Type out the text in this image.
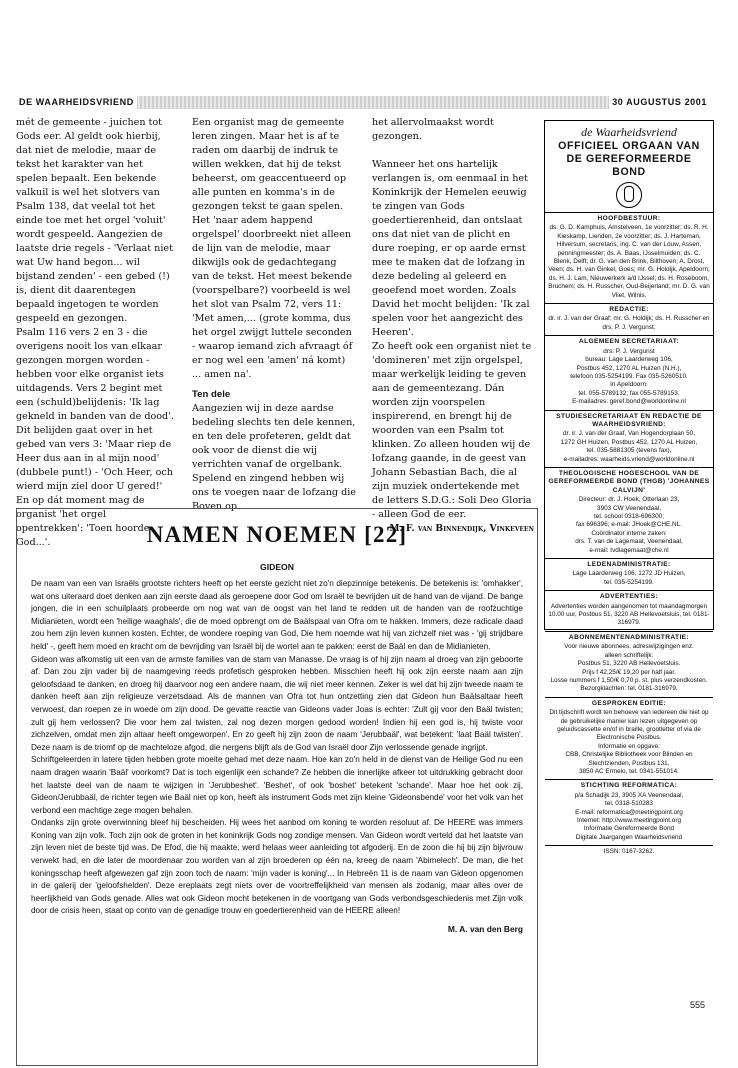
DE WAARHEIDSVRIEND	30 AUGUSTUS 2001

mét de gemeente - juichen tot Gods eer. Al geldt ook hierbij, dat niet de melodie, maar de tekst het karakter van het spelen bepaalt. Een bekende valkuil is wel het slotvers van Psalm 138, dat veelal tot het einde toe met het orgel 'voluit' wordt gespeeld. Aangezien de laatste drie regels - 'Verlaat niet wat Uw hand begon... wil bijstand zenden' - een gebed (!) is, dient dit daarentegen bepaald ingetogen te worden gespeeld en gezongen.

Psalm 116 vers 2 en 3 - die overigens nooit los van elkaar gezongen morgen worden - hebben voor elke organist iets uitdagends. Vers 2 begint met een (schuld)belijdenis: 'Ik lag gekneld in banden van de dood'. Dit belijden gaat over in het gebed van vers 3: 'Maar riep de Heer dus aan in al mijn nood' (dubbele punt!) - 'Och Heer, och wierd mijn ziel door U gered!'

En op dát moment mag de organist 'het orgel opentrekken': 'Toen hoorde God...'.

Een organist mag de gemeente leren zingen. Maar het is af te raden om daarbij de indruk te willen wekken, dat hij de tekst beheerst, om geaccentueerd op alle punten en komma's in de gezongen tekst te gaan spelen. Het 'naar adem happend orgelspel' doorbreekt niet alleen de lijn van de melodie, maar dikwijls ook de gedachtegang van de tekst. Het meest bekende (voorspelbare?) voorbeeld is wel het slot van Psalm 72, vers 11: 'Met amen,... (grote komma, dus het orgel zwijgt luttele seconden - waarop iemand zich afvraagt óf er nog wel een 'amen' ná komt) ... amen na'.

Ten dele

Aangezien wij in deze aardse bedeling slechts ten dele kennen, en ten dele profeteren, geldt dat ook voor de dienst die wij verrichten vanaf de orgelbank.

Spelend en zingend hebben wij ons te voegen naar de lofzang die Boven op

het allervolmaakst wordt gezongen.

Wanneer het ons hartelijk verlangen is, om eenmaal in het Koninkrijk der Hemelen eeuwig te zingen van Gods goedertierenheid, dan ontslaat ons dat niet van de plicht en dure roeping, er op aarde ernst mee te maken dat de lofzang in deze bedeling al geleerd en geoefend moet worden. Zoals David het mocht belijden: 'Ik zal spelen voor het aangezicht des Heeren'.

Zo heeft ook een organist niet te 'domineren' met zijn orgelspel, maar werkelijk leiding te geven aan de gemeentezang. Dán worden zijn voorspelen inspirerend, en brengt hij de woorden van een Psalm tot klinken. Zo alleen houden wij de lofzang gaande, in de geest van Johann Sebastian Bach, die al zijn muziek ondertekende met de letters S.D.G.: Soli Deo Gloria - alleen God de eer.

M. F. van Binnendijk, Vinkeveen

de Waarheidsvriend
OFFICIEEL ORGAAN VAN DE GEREFORMEERDE BOND
HOOFDBESTUUR:
ds. G. D. Kamphuis, Amstelveen, 1e voorzitter; ds. R. H. Kieskamp, Lienden, 2e voorzitter; ds. J. Harteman, Hilversum, secretaris; ing. C. van der Louw, Assen, penningmeester; ds. A. Baas, IJsselmuiden; ds. C. Blenk, Delft; dr. G. van den Brink, Bilthoven; A. Drost, Veen; ds. H. van Ginkel, Goes; mr. G. Holdijk, Apeldoorn; ds. H. J. Lam, Nieuwerkerk a/d IJssel; ds. H. Roseboom, Bruchem; ds. H. Russcher, Oud-Beijerland; mr. D. G. van Vliet, Wilnis.
REDACTIE:
dr. ir. J. van der Graaf; mr. G. Holdijk; ds. H. Russcher en drs. P. J. Vergunst.
ALGEMEEN SECRETARIAAT:
drs. P. J. Vergunst
bureau: Lage Laarderweg 106,
Postbus 452, 1270 AL Huizen (N.H.),
telefoon 035-5254199. Fax 035-5260510.
In Apeldoorn:
tel. 055-5789132; fax 055-5789153.
E-mailadres: geref.bond@worldonline.nl
STUDIESECRETARIAAT EN REDACTIE DE WAARHEIDSVRIEND:
dr. ir. J. van der Graaf, Van Hogendorplaan 50,
1272 GH Huizen, Postbus 452, 1270 AL Huizen,
tel. 035-5881305 (tevens fax),
e-mailadres: waarheids.vriend@worldonline.nl
THEOLOGISCHE HOGESCHOOL VAN DE GEREFORMEERDE BOND (THGB) 'JOHANNES CALVIJN'
Directeur: dr. J. Hoek, Otterlaan 23,
3903 CW Veenendaal,
tel. school 0318-696300;
fax 696396; e-mail: JHoek@CHE.NL.
Coördinator interne zaken:
drs. T. van de Lagemaat, Veenendaal,
e-mail: tvdlagemaat@che.nl
LEDENADMINISTRATIE:
Lage Laarderweg 106, 1272 JD Huizen,
tel. 035-5254199.
ADVERTENTIES:
Advertenties worden aangenomen tot maandagmorgen 10.00 uur, Postbus 51, 3220 AB Hellevoetsluis, tel. 0181-316979.
ABONNEMENTENADMINISTRATIE:
Voor nieuwe abonnees, adreswijzigingen enz.
alleen schriftelijk:
Postbus 51, 3220 AB Hellevoetsluis.
Prijs f 42,25/€ 19,20 per half jaar.
Losse nummers f 1,50/€ 0,70 p. st. plus verzendkosten. Bezorgklachten: tel. 0181-316979.
GESPROKEN EDITIE:
Dit tijdschrift wordt ten behoeve van iedereen die niet op de gebruikelijke manier kan lezen uitgegeven op geluidscassette en/of in braille, grootletter of via de Electronische Postbus.
Informatie en opgave:
CBB, Christelijke Bibliotheek voor Blinden en Slechtzienden, Postbus 131,
3850 AC Ermelo, tel. 0341-551014.
STICHTING REFORMATICA:
p/a Schadijk 23, 3905 XA Veenendaal,
tel. 0318-510283
E-mail: reformatica@meetingpoint.org
Internet: http://www.meetingpoint.org
Informatie Gereformeerde Bond
Digitale Jaargangen Waarheidsvriend
ISSN: 0167-3262.
NAMEN NOEMEN [22]
GIDEON

De naam van een van Israëls grootste richters heeft op het eerste gezicht niet zo'n diepzinnige betekenis. De betekenis is: 'omhakker', wat ons uiteraard doet denken aan zijn eerste daad als geroepene door God om Israël te bevrijden uit de hand van de vijand. De bange jongen, die in een schuilplaats probeerde om nog wat van de oogst van het land te redden uit de handen van de roofzuchtige Midianieten, wordt een 'heilige waaghals', die de moed opbrengt om de Baälspaal van Ofra om te hakken. Immers, deze radicale daad zou hem zijn leven kunnen kosten. Echter, de wondere roeping van God, Die hem noemde wat hij van zichzelf niet was - 'gij strijdbare held' -, geeft hem moed en kracht om de bevrijding van Israël bij de wortel aan te pakken: eerst de Baäl en dan de Midianieten.

Gideon was afkomstig uit een van de armste families van de stam van Manasse. De vraag is of hij zijn naam al droeg van zijn geboorte af. Dan zou zijn vader bij de naamgeving reeds profetisch gesproken hebben. Misschien heeft hij ook zijn eerste naam aan zijn geloofsdaad te danken, en droeg hij daarvoor nog een andere naam, die wij niet meer kennen. Zeker is wel dat hij zijn tweede naam te danken heeft aan zijn religieuze verzetsdaad. Als de mannen van Ofra tot hun ontzetting zien dat Gideon hun Baälsaltaar heeft verwoest, dan roepen ze in woede om zijn dood. De gevatte reactie van Gideons vader Joas is echter: 'Zult gij voor den Baäl twisten; zult gij hem verlossen? Die voor hem zal twisten, zal nog dezen morgen gedood worden! Indien hij een god is, hij twiste voor zichzelven, omdat men zijn altaar heeft omgeworpen'. En zo geeft hij zijn zoon de naam 'Jerubbaäl', wat betekent: 'laat Baäl twisten'. Deze naam is de triomf op de machteloze afgod, die nergens blijft als de God van Israël door Zijn verlossende genade ingrijpt.

Schriftgeleerden in latere tijden hebben grote moeite gehad met deze naam. Hoe kan zo'n held in de dienst van de Heilige God nu een naam dragen waarin 'Baäl' voorkomt? Dat is toch eigenlijk een schande? Ze hebben die innerlijke afkeer tot uitdrukking gebracht door het laatste deel van de naam te wijzigen in 'Jerubbeshet'. 'Beshet', of ook 'boshet' betekent 'schande'. Maar hoe het ook zij, Gideon/Jerubbaäl, de richter tegen wie Baäl niet op kon, heeft als instrument Gods met zijn kleine 'Gideonsbende' voor het volk van het verbond een machtige zege mogen behalen.

Ondanks zijn grote overwinning bleef hij bescheiden. Hij wees het aanbod om koning te worden resoluut af. De HEERE was immers Koning van zijn volk. Toch zijn ook de groten in het koninkrijk Gods nog zondige mensen. Van Gideon wordt verteld dat het laatste van zijn leven niet de beste tijd was. De Efod, die hij maakte, werd helaas weer aanleiding tot afgoderij. En de zoon die hij bij zijn bijvrouw verwekt had, en die later de moordenaar zou worden van al zijn broederen op één na, kreeg de naam 'Abimelech'. De man, die het koningsschap heeft afgewezen gaf zijn zoon toch de naam: 'mijn vader is koning'... In Hebreën 11 is de naam van Gideon opgenomen in de galerij der 'geloofshelden'. Deze ereplaats zegt niets over de voortreffelijkheid van mensen als zodanig, maar alles over de heerlijkheid van Gods genade. Alles wat ook Gideon mocht betekenen in de voortgang van Gods verbondsgeschiedenis met Zijn volk door de crisis heen, staat op conto van de genadige trouw en goedertierenheid van de HEERE alleen!

M. A. van den Berg
555
